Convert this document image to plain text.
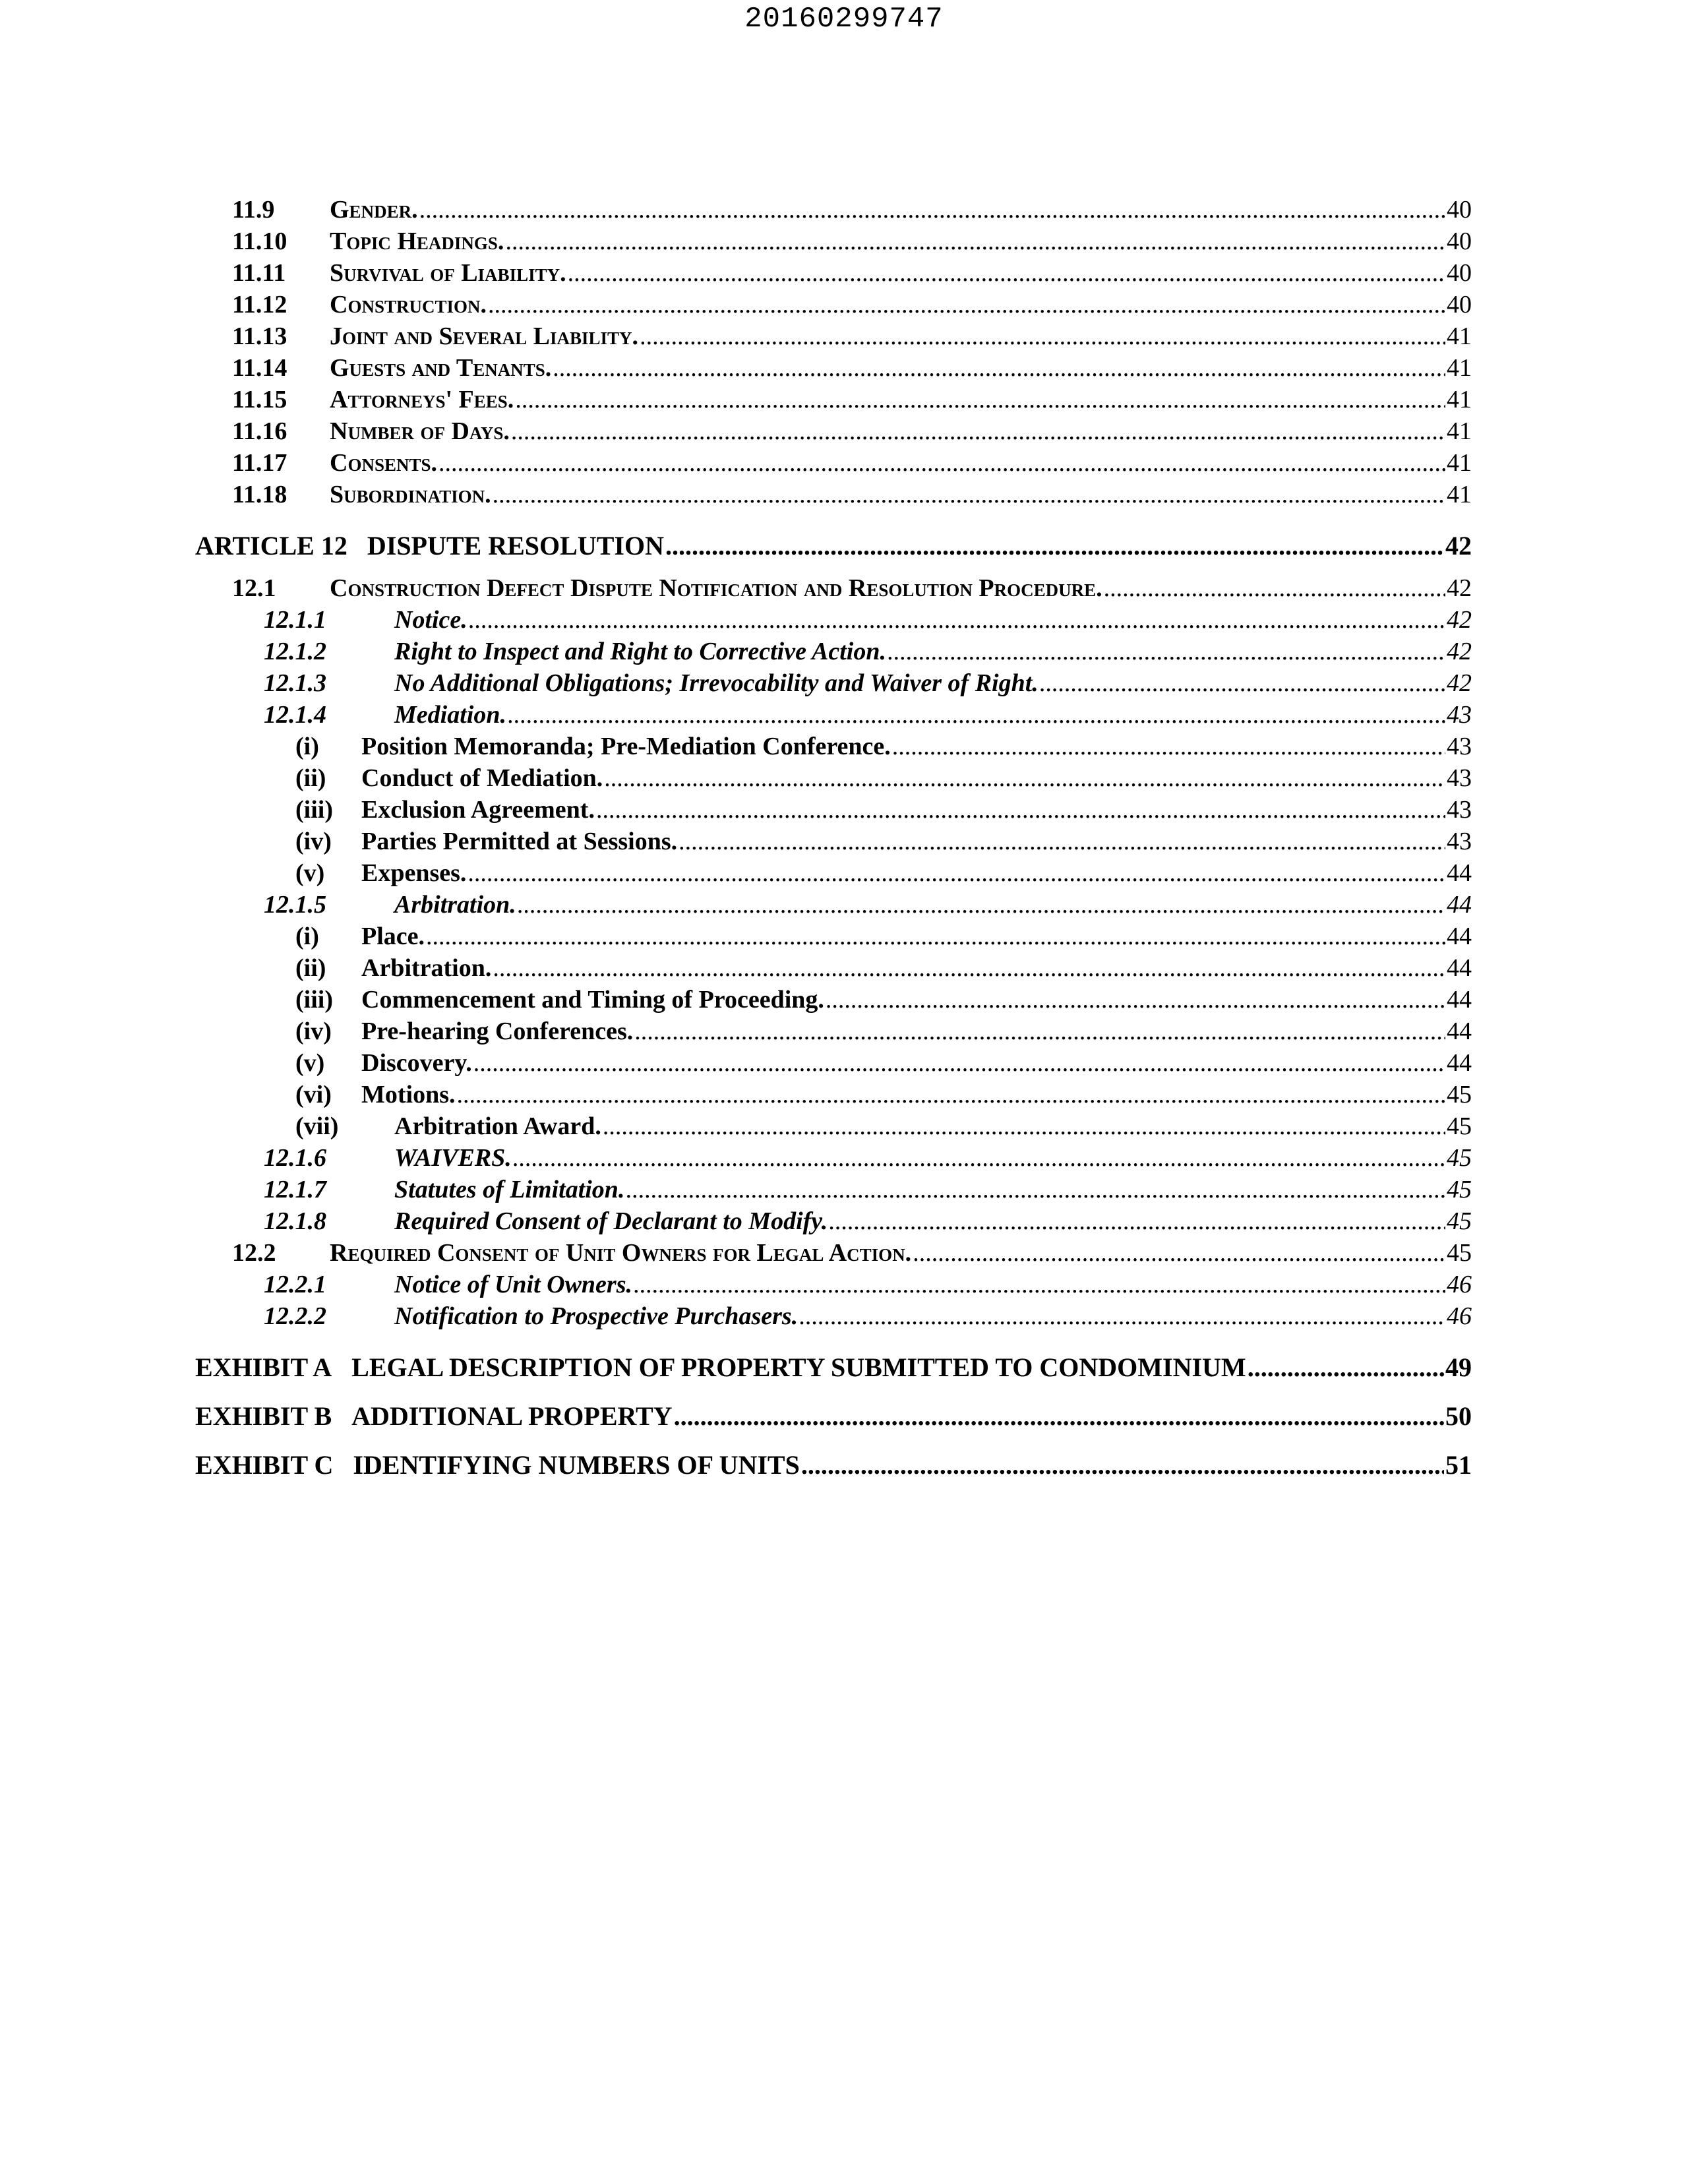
20160299747
11.9 Gender. .....	40
11.10 Topic Headings. .....	40
11.11 Survival of Liability. .....	40
11.12 Construction. .....	40
11.13 Joint and Several Liability. .....	41
11.14 Guests and Tenants. .....	41
11.15 Attorneys' Fees. .....	41
11.16 Number of Days. .....	41
11.17 Consents. .....	41
11.18 Subordination. .....	41
ARTICLE 12 DISPUTE RESOLUTION .....	42
12.1 Construction Defect Dispute Notification and Resolution Procedure. .....	42
12.1.1	Notice. .....	42
12.1.2	Right to Inspect and Right to Corrective Action. .....	42
12.1.3	No Additional Obligations; Irrevocability and Waiver of Right. .....	42
12.1.4	Mediation. .....	43
(i) Position Memoranda; Pre-Mediation Conference. .....	43
(ii) Conduct of Mediation. .....	43
(iii) Exclusion Agreement. .....	43
(iv) Parties Permitted at Sessions. .....	43
(v) Expenses. .....	44
12.1.5	Arbitration. .....	44
(i) Place. .....	44
(ii) Arbitration. .....	44
(iii) Commencement and Timing of Proceeding. .....	44
(iv) Pre-hearing Conferences. .....	44
(v) Discovery. .....	44
(vi) Motions. .....	45
(vii) Arbitration Award. .....	45
12.1.6	WAIVERS. .....	45
12.1.7	Statutes of Limitation. .....	45
12.1.8	Required Consent of Declarant to Modify. .....	45
12.2 Required Consent of Unit Owners for Legal Action. .....	45
12.2.1	Notice of Unit Owners. .....	46
12.2.2	Notification to Prospective Purchasers. .....	46
EXHIBIT A LEGAL DESCRIPTION OF PROPERTY SUBMITTED TO CONDOMINIUM .....	49
EXHIBIT B ADDITIONAL PROPERTY .....	50
EXHIBIT C IDENTIFYING NUMBERS OF UNITS .....	51
